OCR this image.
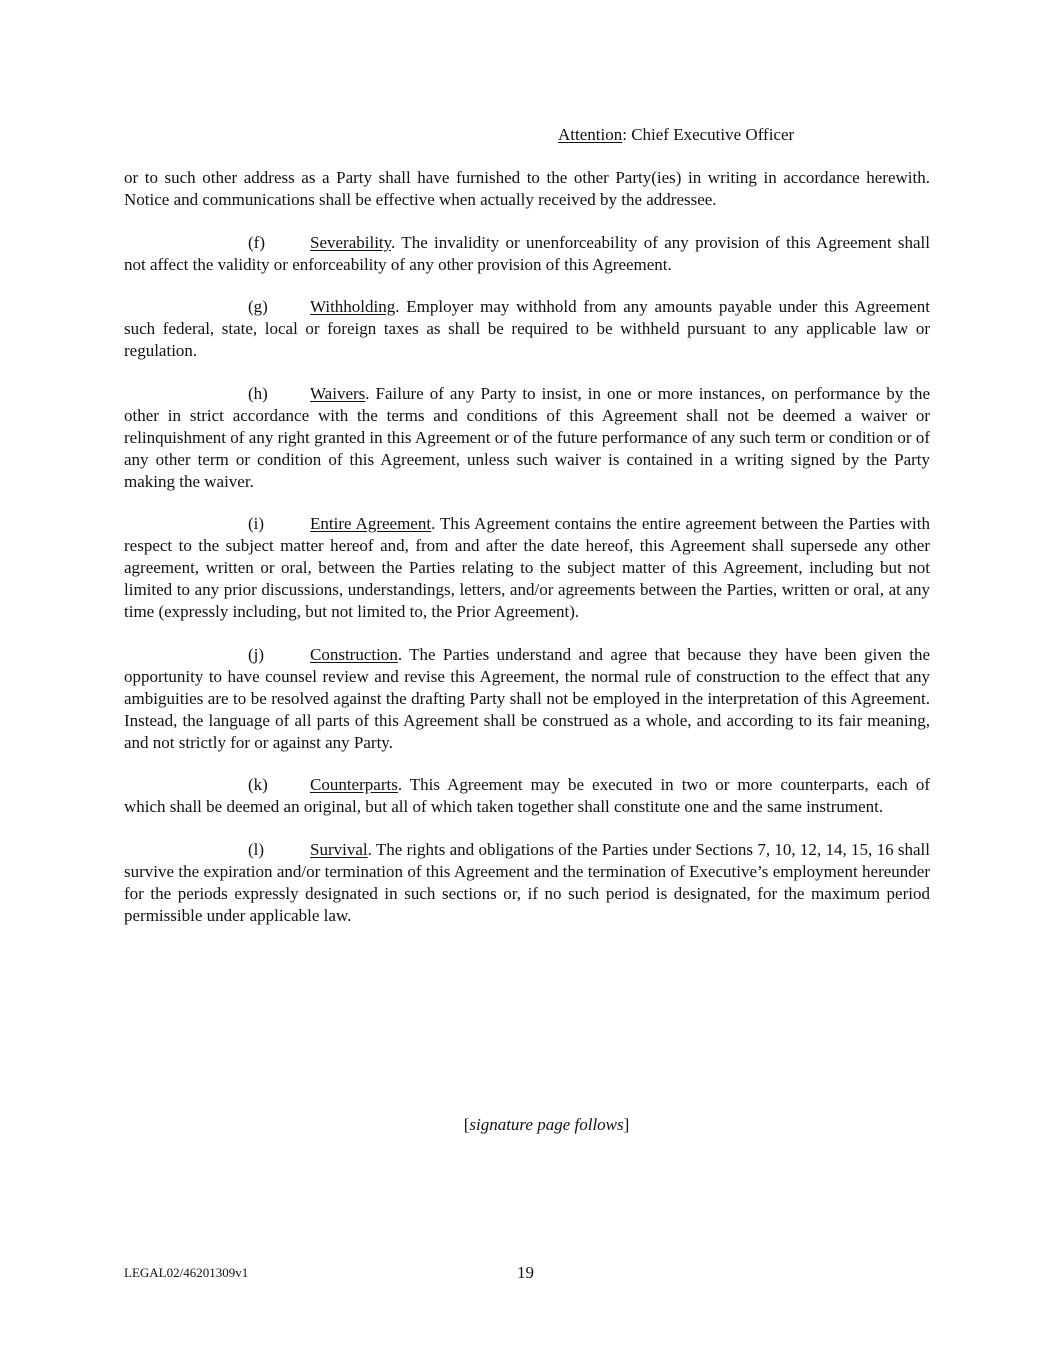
Attention: Chief Executive Officer

or to such other address as a Party shall have furnished to the other Party(ies) in writing in accordance herewith. Notice and communications shall be effective when actually received by the addressee.

(f)	Severability. The invalidity or unenforceability of any provision of this Agreement shall not affect the validity or enforceability of any other provision of this Agreement.

(g) Withholding. Employer may withhold from any amounts payable under this Agreement such federal, state, local or foreign taxes as shall be required to be withheld pursuant to any applicable law or regulation.

(h) Waivers. Failure of any Party to insist, in one or more instances, on performance by the other in strict accordance with the terms and conditions of this Agreement shall not be deemed a waiver or relinquishment of any right granted in this Agreement or of the future performance of any such term or condition or of any other term or condition of this Agreement, unless such waiver is contained in a writing signed by the Party making the waiver.

(i)	Entire Agreement. This Agreement contains the entire agreement between the Parties with respect to the subject matter hereof and, from and after the date hereof, this Agreement shall supersede any other agreement, written or oral, between the Parties relating to the subject matter of this Agreement, including but not limited to any prior discussions, understandings, letters, and/or agreements between the Parties, written or oral, at any time (expressly including, but not limited to, the Prior Agreement).

(j)	Construction. The Parties understand and agree that because they have been given the opportunity to have counsel review and revise this Agreement, the normal rule of construction to the effect that any ambiguities are to be resolved against the drafting Party shall not be employed in the interpretation of this Agreement. Instead, the language of all parts of this Agreement shall be construed as a whole, and according to its fair meaning, and not strictly for or against any Party.

(k) Counterparts. This Agreement may be executed in two or more counterparts, each of which shall be deemed an original, but all of which taken together shall constitute one and the same instrument.

(l)	Survival. The rights and obligations of the Parties under Sections 7, 10, 12, 14, 15, 16 shall survive the expiration and/or termination of this Agreement and the termination of Executive’s employment hereunder for the periods expressly designated in such sections or, if no such period is designated, for the maximum period permissible under applicable law.

[signature page follows]
LEGAL02/46201309v1	19
